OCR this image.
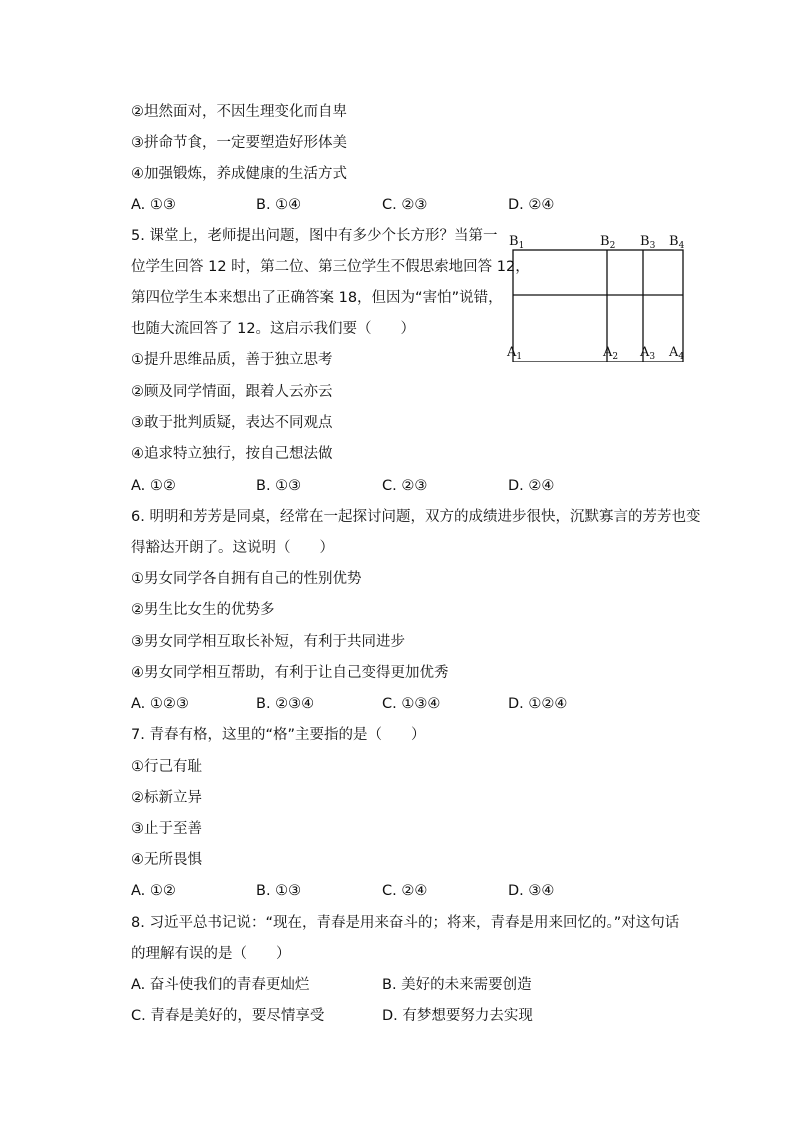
②坦然面对，不因生理变化而自卑
③拼命节食，一定要塑造好形体美
④加强锻炼，养成健康的生活方式
A. ①③	B. ①④	C. ②③	D. ②④
5. 课堂上，老师提出问题，图中有多少个长方形？当第一
位学生回答 12 时，第二位、第三位学生不假思索地回答 12，
第四位学生本来想出了正确答案 18，但因为“害怕”说错，
也随大流回答了 12。这启示我们要（　　）
$B_1$	$B_2$ $B_3$ $B_4$
$A_1$	$A_2$ $A_3$ $A_4$
①提升思维品质，善于独立思考
②顾及同学情面，跟着人云亦云
③敢于批判质疑，表达不同观点
④追求特立独行，按自己想法做
A. ①②	B. ①③	C. ②③	D. ②④
6. 明明和芳芳是同桌，经常在一起探讨问题，双方的成绩进步很快，沉默寡言的芳芳也变
得豁达开朗了。这说明（　　）
①男女同学各自拥有自己的性别优势
②男生比女生的优势多
③男女同学相互取长补短，有利于共同进步
④男女同学相互帮助，有利于让自己变得更加优秀
A. ①②③	B. ②③④	C. ①③④	D. ①②④
7. 青春有格，这里的“格”主要指的是（　　）
①行己有耻
②标新立异
③止于至善
④无所畏惧
A. ①②	B. ①③	C. ②④	D. ③④
8. 习近平总书记说：“现在，青春是用来奋斗的；将来，青春是用来回忆的。”对这句话
的理解有误的是（　　）
A. 奋斗使我们的青春更灿烂	B. 美好的未来需要创造
C. 青春是美好的，要尽情享受	D. 有梦想要努力去实现
